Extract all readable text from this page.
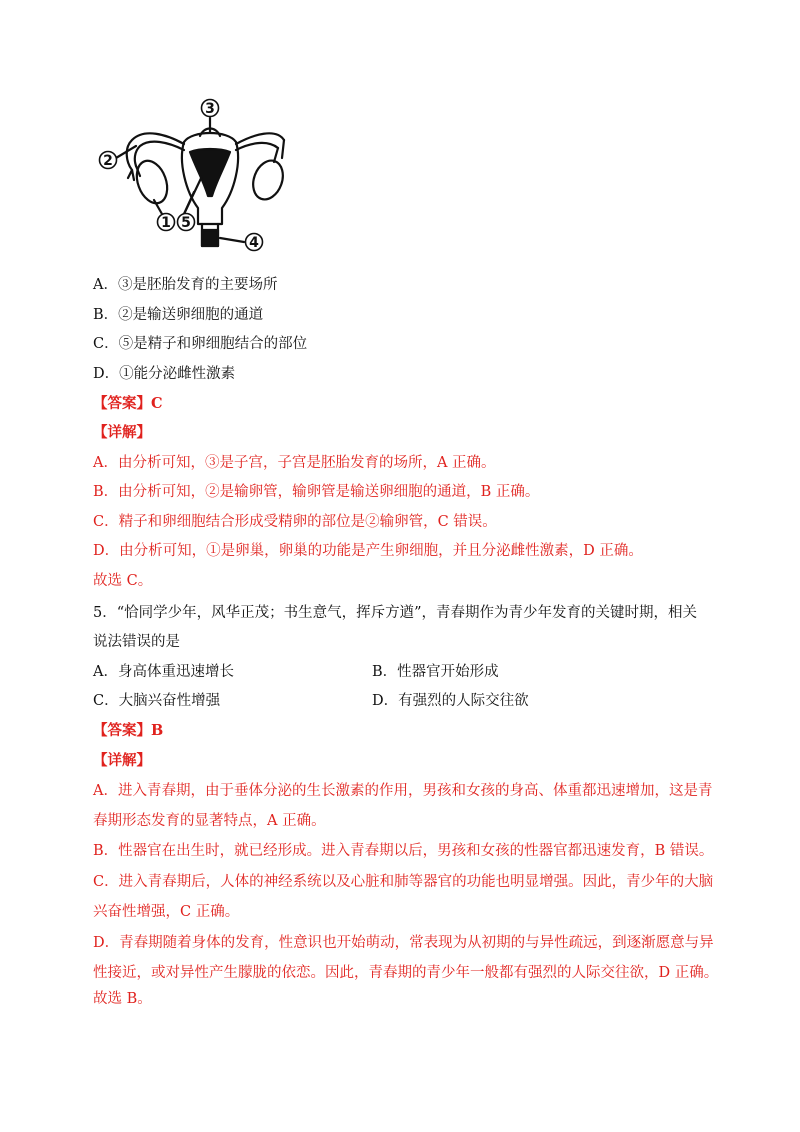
3
2
1 5
4
A．③是胚胎发育的主要场所
B．②是输送卵细胞的通道
C．⑤是精子和卵细胞结合的部位
D．①能分泌雌性激素
【答案】C
【详解】
A．由分析可知，③是子宫，子宫是胚胎发育的场所，A 正确。
B．由分析可知，②是输卵管，输卵管是输送卵细胞的通道，B 正确。
C．精子和卵细胞结合形成受精卵的部位是②输卵管，C 错误。
D．由分析可知，①是卵巢，卵巢的功能是产生卵细胞，并且分泌雌性激素，D 正确。
故选 C。
5．“恰同学少年，风华正茂；书生意气，挥斥方遒”，青春期作为青少年发育的关键时期，相关
说法错误的是
A．身高体重迅速增长	B．性器官开始形成
C．大脑兴奋性增强	D．有强烈的人际交往欲
【答案】B
【详解】
A．进入青春期，由于垂体分泌的生长激素的作用，男孩和女孩的身高、体重都迅速增加，这是青
春期形态发育的显著特点，A 正确。
B．性器官在出生时，就已经形成。进入青春期以后，男孩和女孩的性器官都迅速发育，B 错误。
C．进入青春期后，人体的神经系统以及心脏和肺等器官的功能也明显增强。因此，青少年的大脑
兴奋性增强，C 正确。
D．青春期随着身体的发育，性意识也开始萌动，常表现为从初期的与异性疏远，到逐渐愿意与异
性接近，或对异性产生朦胧的依恋。因此，青春期的青少年一般都有强烈的人际交往欲，D 正确。
故选 B。
